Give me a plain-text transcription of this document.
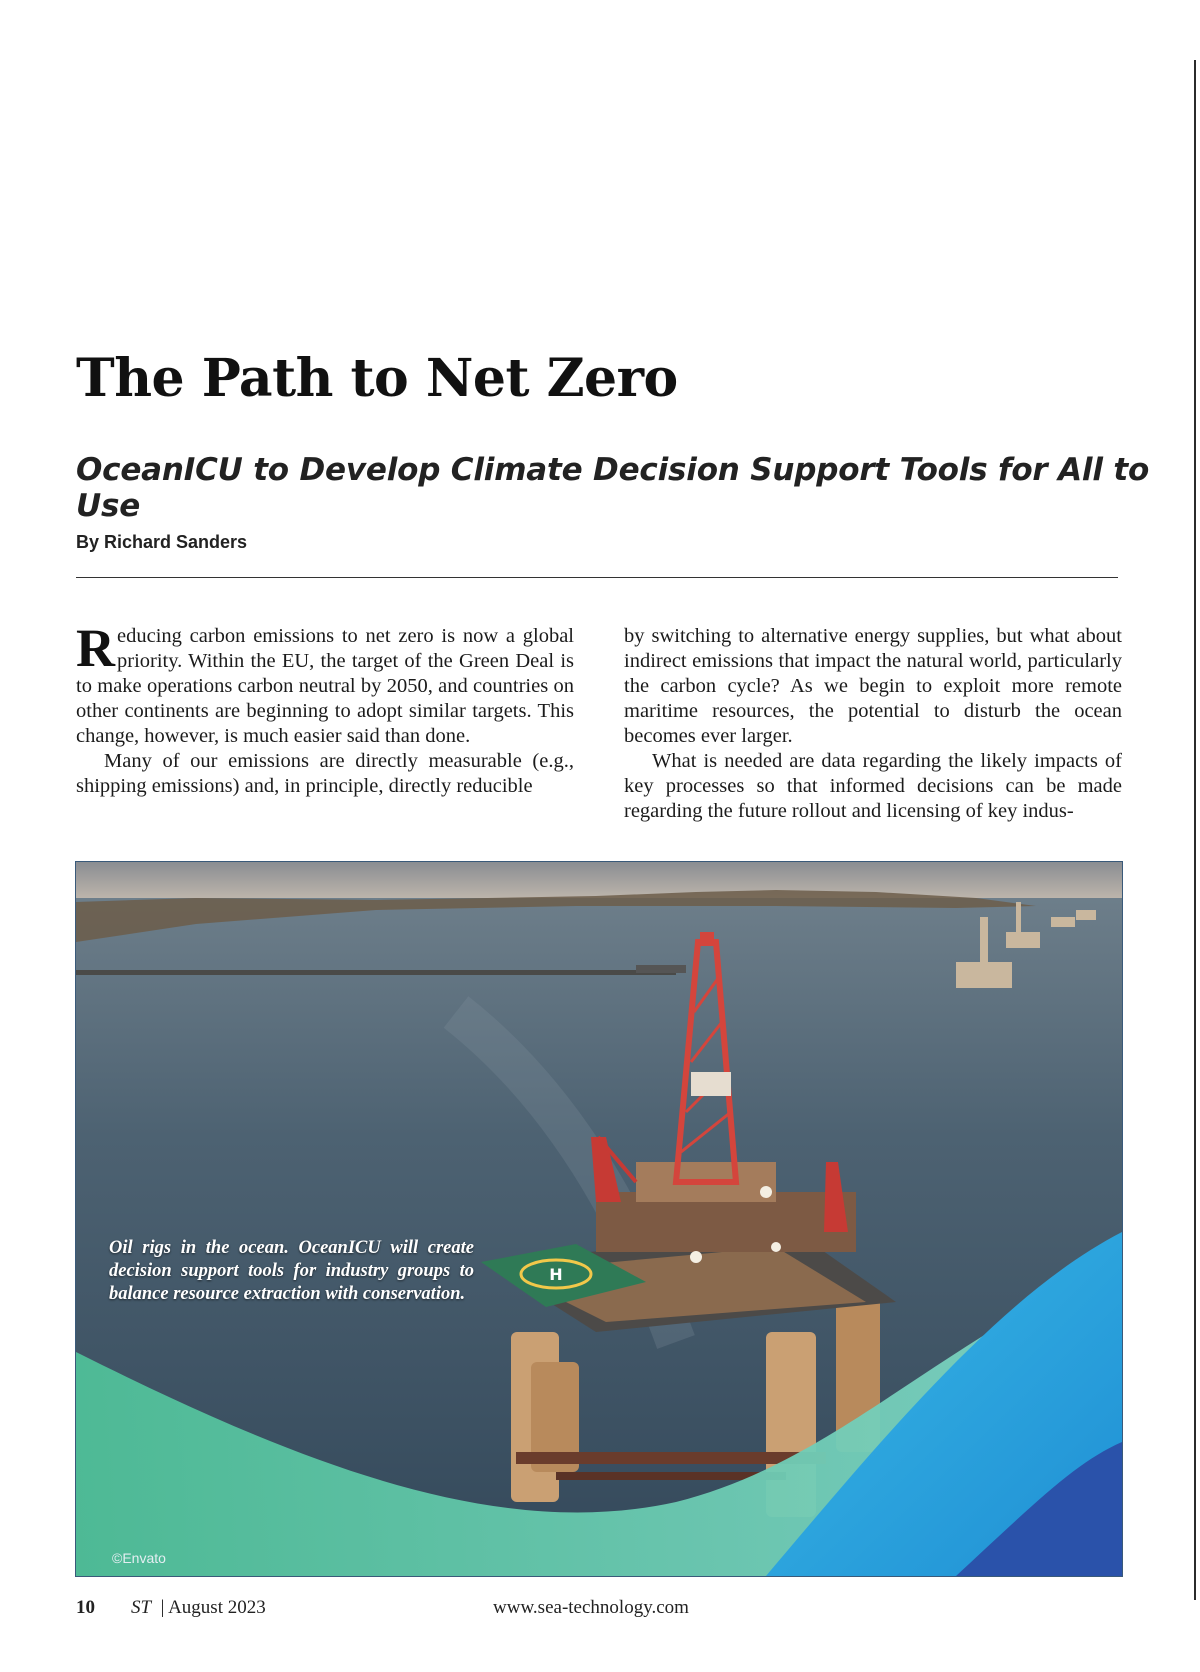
The Path to Net Zero
OceanICU to Develop Climate Decision Support Tools for All to Use
By Richard Sanders

Reducing carbon emissions to net zero is now a global priority. Within the EU, the target of the Green Deal is to make operations carbon neutral by 2050, and countries on other continents are beginning to adopt similar targets. This change, however, is much easier said than done.

Many of our emissions are directly measurable (e.g., shipping emissions) and, in principle, directly reducible

by switching to alternative energy supplies, but what about indirect emissions that impact the natural world, particularly the carbon cycle? As we begin to exploit more remote maritime resources, the potential to disturb the ocean becomes ever larger.

What is needed are data regarding the likely impacts of key processes so that informed decisions can be made regarding the future rollout and licensing of key indus-

H

Oil rigs in the ocean. OceanICU will create decision support tools for industry groups to balance resource extraction with conservation.

©Envato
10 ST | August 2023	www.sea-technology.com
